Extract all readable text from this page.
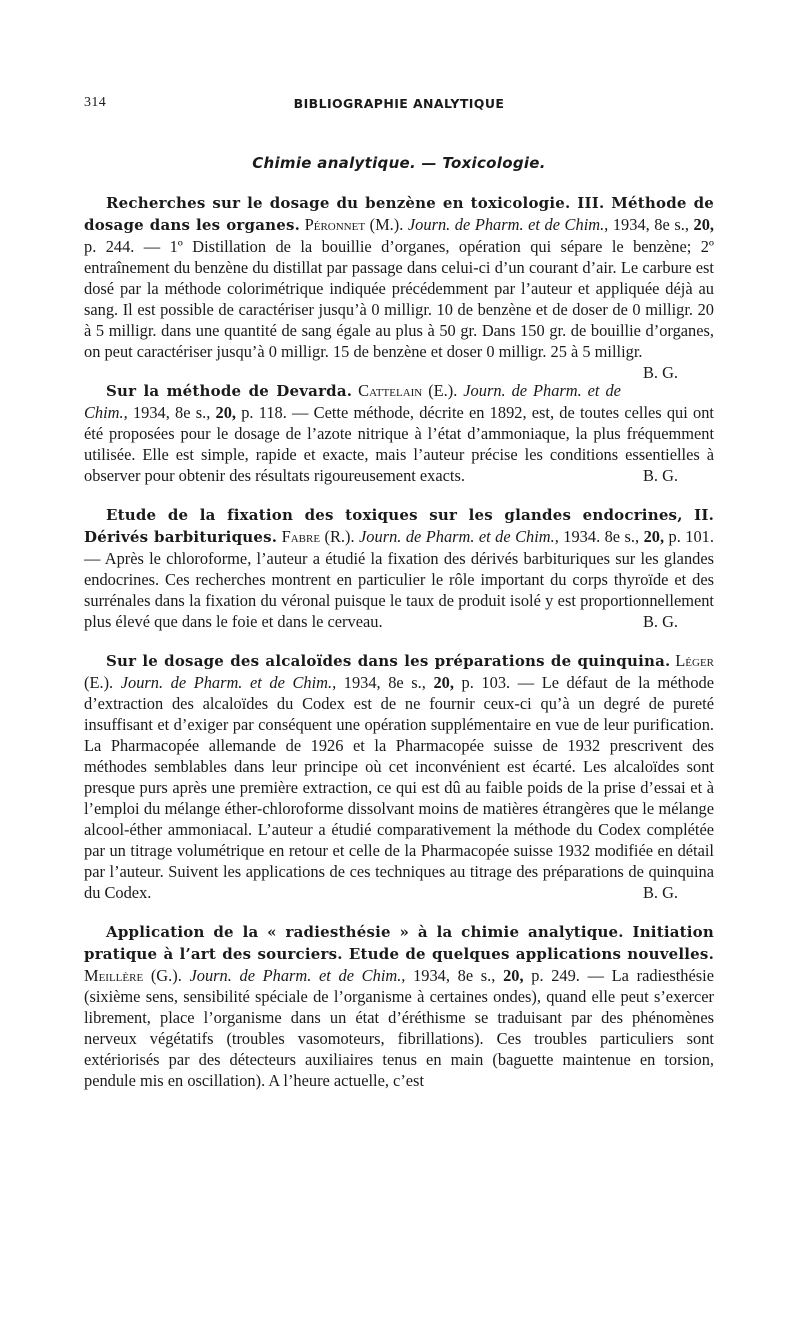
314	BIBLIOGRAPHIE ANALYTIQUE
Chimie analytique. — Toxicologie.

Recherches sur le dosage du benzène en toxicologie. III. Méthode de dosage dans les organes. Péronnet (M.). Journ. de Pharm. et de Chim., 1934, 8e s., 20, p. 244. — 1º Distillation de la bouillie d’organes, opération qui sépare le benzène; 2º entraînement du benzène du distillat par passage dans celui-ci d’un courant d’air. Le carbure est dosé par la méthode colorimétrique indiquée précédemment par l’auteur et appliquée déjà au sang. Il est possible de caractériser jusqu’à 0 milligr. 10 de benzène et de doser de 0 milligr. 20 à 5 milligr. dans une quantité de sang égale au plus à 50 gr. Dans 150 gr. de bouillie d’organes, on peut caractériser jusqu’à 0 milligr. 15 de benzène et doser 0 milligr. 25 à 5 milligr.
B. G.

Sur la méthode de Devarda. Cattelain (E.). Journ. de Pharm. et de Chim., 1934, 8e s., 20, p. 118. — Cette méthode, décrite en 1892, est, de toutes celles qui ont été proposées pour le dosage de l’azote nitrique à l’état d’ammoniaque, la plus fréquemment utilisée. Elle est simple, rapide et exacte, mais l’auteur précise les conditions essentielles à observer pour obtenir des résultats rigoureusement exacts.	B. G.

Etude de la fixation des toxiques sur les glandes endocrines, II. Dérivés barbituriques. Fabre (R.). Journ. de Pharm. et de Chim., 1934. 8e s., 20, p. 101. — Après le chloroforme, l’auteur a étudié la fixation des dérivés barbituriques sur les glandes endocrines. Ces recherches montrent en particulier le rôle important du corps thyroïde et des surrénales dans la fixation du véronal puisque le taux de produit isolé y est proportionnellement plus élevé que dans le foie et dans le cerveau.	B. G.

Sur le dosage des alcaloïdes dans les préparations de quinquina. Léger (E.). Journ. de Pharm. et de Chim., 1934, 8e s., 20, p. 103. — Le défaut de la méthode d’extraction des alcaloïdes du Codex est de ne fournir ceux-ci qu’à un degré de pureté insuffisant et d’exiger par conséquent une opération supplémentaire en vue de leur purification. La Pharmacopée allemande de 1926 et la Pharmacopée suisse de 1932 prescrivent des méthodes semblables dans leur principe où cet inconvénient est écarté. Les alcaloïdes sont presque purs après une première extraction, ce qui est dû au faible poids de la prise d’essai et à l’emploi du mélange éther-chloroforme dissolvant moins de matières étrangères que le mélange alcool-éther ammoniacal. L’auteur a étudié comparativement la méthode du Codex complétée par un titrage volumétrique en retour et celle de la Pharmacopée suisse 1932 modifiée en détail par l’auteur. Suivent les applications de ces techniques au titrage des préparations de quinquina du Codex.	B. G.

Application de la « radiesthésie » à la chimie analytique. Initiation pratique à l’art des sourciers. Etude de quelques applications nouvelles. Meillère (G.). Journ. de Pharm. et de Chim., 1934, 8e s., 20, p. 249. — La radiesthésie (sixième sens, sensibilité spéciale de l’organisme à certaines ondes), quand elle peut s’exercer librement, place l’organisme dans un état d’éréthisme se traduisant par des phénomènes nerveux végétatifs (troubles vasomoteurs, fibrillations). Ces troubles particuliers sont extériorisés par des détecteurs auxiliaires tenus en main (baguette maintenue en torsion, pendule mis en oscillation). A l’heure actuelle, c’est
